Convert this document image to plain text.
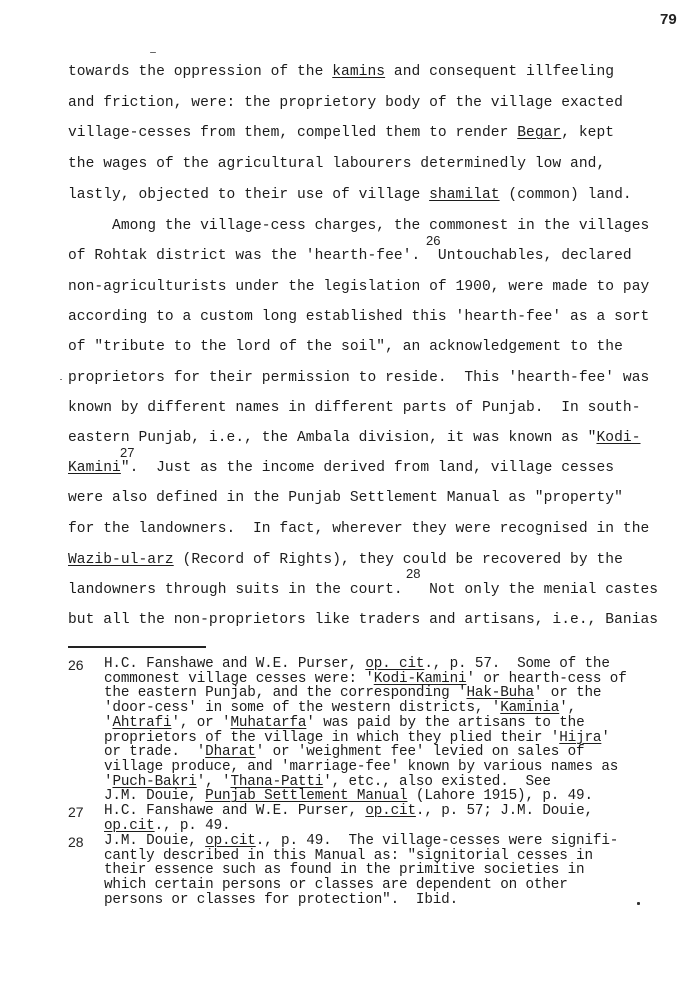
79
towards the oppression of the kamins and consequent illfeeling
and friction, were: the proprietory body of the village exacted
village-cesses from them, compelled them to render Begar, kept
the wages of the agricultural labourers determinedly low and,
lastly, objected to their use of village shamilat (common) land.
Among the village-cess charges, the commonest in the villages
of Rohtak district was the 'hearth-fee'.  Untouchables, declared
non-agriculturists under the legislation of 1900, were made to pay
according to a custom long established this 'hearth-fee' as a sort
of "tribute to the lord of the soil", an acknowledgement to the
proprietors for their permission to reside.  This 'hearth-fee' was
known by different names in different parts of Punjab.  In south-
eastern Punjab, i.e., the Ambala division, it was known as "Kodi-
Kamini".  Just as the income derived from land, village cesses
were also defined in the Punjab Settlement Manual as "property"
for the landowners.  In fact, wherever they were recognised in the
Wazib-ul-arz (Record of Rights), they could be recovered by the
landowners through suits in the court.   Not only the menial castes
but all the non-proprietors like traders and artisans, i.e., Banias
26
27
28
26 H.C. Fanshawe and W.E. Purser, op. cit., p. 57.  Some of the
commonest village cesses were: 'Kodi-Kamini' or hearth-cess of
the eastern Punjab, and the corresponding 'Hak-Buha' or the
'door-cess' in some of the western districts, 'Kaminia',
'Ahtrafi', or 'Muhatarfa' was paid by the artisans to the
proprietors of the village in which they plied their 'Hijra'
or trade.  'Dharat' or 'weighment fee' levied on sales of
village produce, and 'marriage-fee' known by various names as
'Puch-Bakri', 'Thana-Patti', etc., also existed.  See
J.M. Douie, Punjab Settlement Manual (Lahore 1915), p. 49.
27 H.C. Fanshawe and W.E. Purser, op.cit., p. 57; J.M. Douie,
op.cit., p. 49.
28 J.M. Douie, op.cit., p. 49.  The village-cesses were signifi-
cantly described in this Manual as: "signitorial cesses in
their essence such as found in the primitive societies in
which certain persons or classes are dependent on other
persons or classes for protection".  Ibid.
